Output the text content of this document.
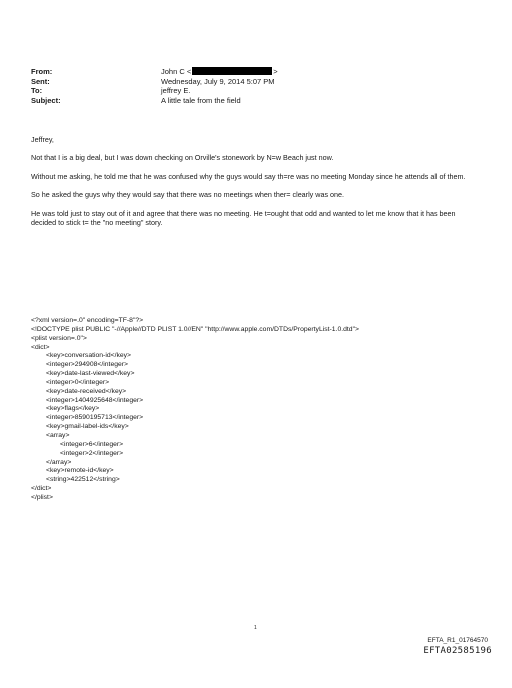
From:	John C <	>
Sent:	Wednesday, July 9, 2014 5:07 PM
To:	jeffrey E.
Subject:	A little tale from the field

Jeffrey,

Not that I is a big deal, but I was down checking on Orville's stonework by N=w Beach just now.

Without me asking, he told me that he was confused why the guys would say th=re was no meeting Monday since he attends all of them.

So he asked the guys why they would say that there was no meetings when ther= clearly was one.

He was told just to stay out of it and agree that there was no meeting. He t=ought that odd and wanted to let me know that it has been decided to stick t= the "no meeting" story.

<?xml version=.0" encoding=TF-8"?>
<!DOCTYPE plist PUBLIC "-//Apple//DTD PLIST 1.0//EN" "http://www.apple.com/DTDs/PropertyList-1.0.dtd">
<plist version=.0">
<dict>
<key>conversation-id</key>
<integer>294908</integer>
<key>date-last-viewed</key>
<integer>0</integer>
<key>date-received</key>
<integer>1404925648</integer>
<key>flags</key>
<integer>8590195713</integer>
<key>gmail-label-ids</key>
<array>
<integer>6</integer>
<integer>2</integer>
</array>
<key>remote-id</key>
<string>422512</string>
</dict>
</plist>
1
EFTA_R1_01764570
EFTA02585196
